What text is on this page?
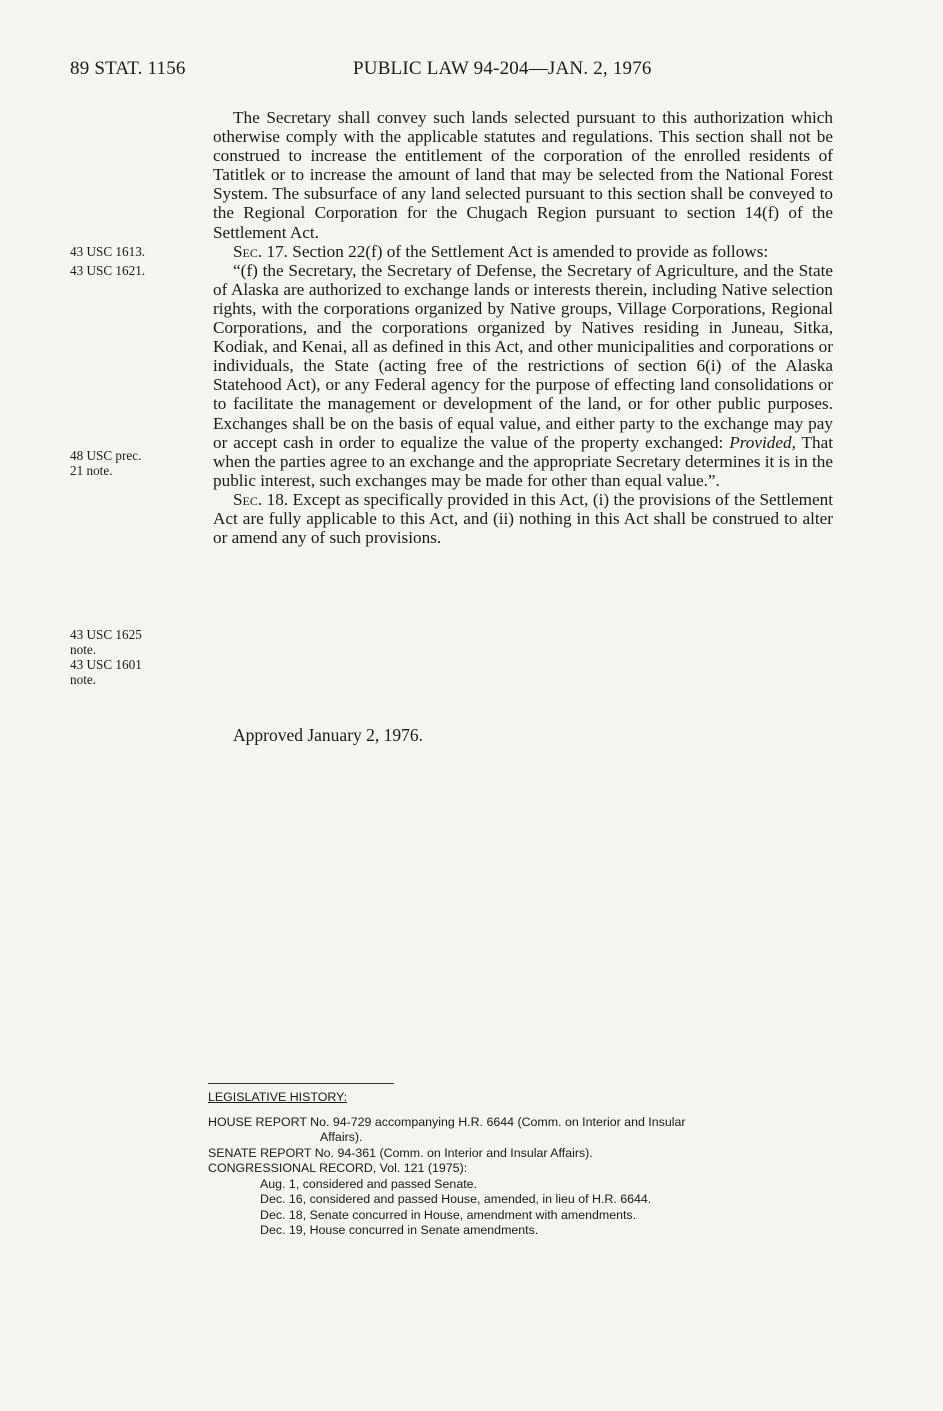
89 STAT. 1156	PUBLIC LAW 94-204—JAN. 2, 1976
43 USC 1613.
43 USC 1621.
48 USC prec.
21 note.
43 USC 1625
note.
43 USC 1601
note.

The Secretary shall convey such lands selected pursuant to this authorization which otherwise comply with the applicable statutes and regulations. This section shall not be construed to increase the entitlement of the corporation of the enrolled residents of Tatitlek or to increase the amount of land that may be selected from the National Forest System. The subsurface of any land selected pursuant to this section shall be conveyed to the Regional Corporation for the Chugach Region pursuant to section 14(f) of the Settlement Act.

Sec. 17. Section 22(f) of the Settlement Act is amended to provide as follows:

“(f) the Secretary, the Secretary of Defense, the Secretary of Agriculture, and the State of Alaska are authorized to exchange lands or interests therein, including Native selection rights, with the corporations organized by Native groups, Village Corporations, Regional Corporations, and the corporations organized by Natives residing in Juneau, Sitka, Kodiak, and Kenai, all as defined in this Act, and other municipalities and corporations or individuals, the State (acting free of the restrictions of section 6(i) of the Alaska Statehood Act), or any Federal agency for the purpose of effecting land consolidations or to facilitate the management or development of the land, or for other public purposes. Exchanges shall be on the basis of equal value, and either party to the exchange may pay or accept cash in order to equalize the value of the property exchanged: Provided, That when the parties agree to an exchange and the appropriate Secretary determines it is in the public interest, such exchanges may be made for other than equal value.”.

Sec. 18. Except as specifically provided in this Act, (i) the provisions of the Settlement Act are fully applicable to this Act, and (ii) nothing in this Act shall be construed to alter or amend any of such provisions.

Approved January 2, 1976.
LEGISLATIVE HISTORY:
HOUSE REPORT No. 94-729 accompanying H.R. 6644 (Comm. on Interior and Insular
Affairs).
SENATE REPORT No. 94-361 (Comm. on Interior and Insular Affairs).
CONGRESSIONAL RECORD, Vol. 121 (1975):
Aug. 1, considered and passed Senate.
Dec. 16, considered and passed House, amended, in lieu of H.R. 6644.
Dec. 18, Senate concurred in House, amendment with amendments.
Dec. 19, House concurred in Senate amendments.
